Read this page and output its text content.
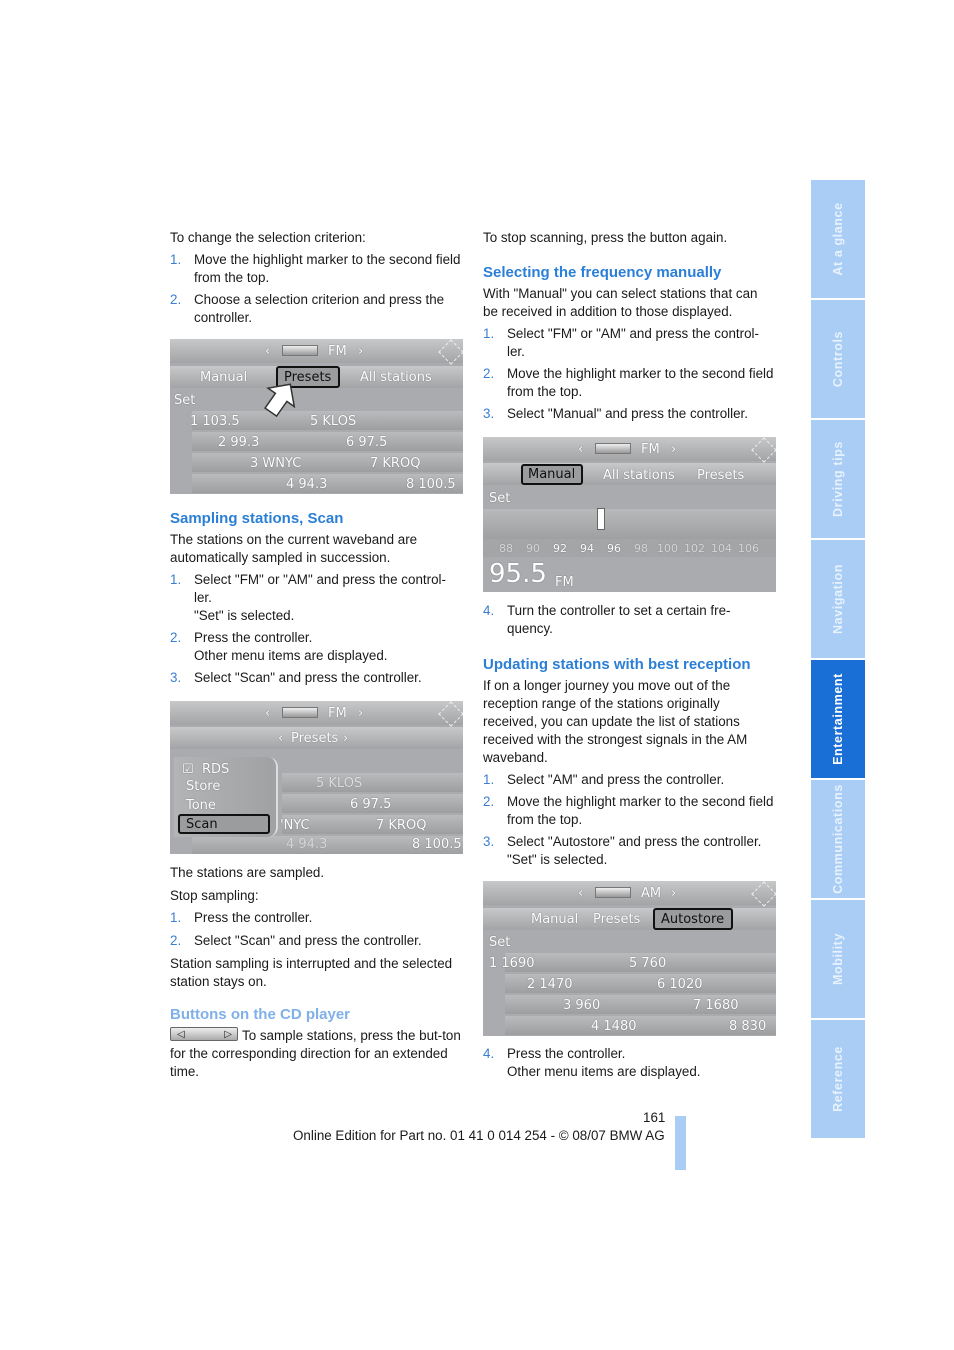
To change the selection criterion:

1. Move the highlight marker to the second field from the top.

2. Choose a selection criterion and press the controller.

‹	FM ›
Manual	Presets All stations
Set
1 103.5	5 KLOS
2 99.3	6 97.5
3 WNYC	7 KROQ
4 94.3	8 100.5
Sampling stations, Scan

The stations on the current waveband are automatically sampled in succession.

1. Select "FM" or "AM" and press the control-ler.
"Set" is selected.

2. Press the controller.
Other menu items are displayed.

3. Select "Scan" and press the controller.

‹	FM ›
‹ Presets ›
5 KLOS
6 97.5
'NYC	7 KROQ
4 94.3	8 100.5
☑ RDS
Store
Tone
Scan

The stations are sampled.

Stop sampling:

1. Press the controller.

2. Select "Scan" and press the controller.

Station sampling is interrupted and the selected station stays on.

Buttons on the CD player

◁	▷ To sample stations, press the but-ton for the corresponding direction for an extended time.

To stop scanning, press the button again.

Selecting the frequency manually

With "Manual" you can select stations that can be received in addition to those displayed.

1. Select "FM" or "AM" and press the control-ler.

2. Move the highlight marker to the second field from the top.

3. Select "Manual" and press the controller.

‹	FM ›
Manual All stations Presets
Set
88 90 92 94 96 98 100 102 104 106
95.5 FM

4. Turn the controller to set a certain fre-quency.

Updating stations with best reception

If on a longer journey you move out of the reception range of the stations originally received, you can update the list of stations received with the strongest signals in the AM waveband.

1. Select "AM" and press the controller.

2. Move the highlight marker to the second field from the top.

3. Select "Autostore" and press the controller.
"Set" is selected.

‹	AM ›
Manual Presets Autostore
Set
1 1690	5 760
2 1470	6 1020
3 960	7 1680
4 1480	8 830

4. Press the controller.
Other menu items are displayed.

At a glance
Controls
Driving tips
Navigation
Entertainment
Communications
Mobility
Reference
161
Online Edition for Part no. 01 41 0 014 254 - © 08/07 BMW AG
